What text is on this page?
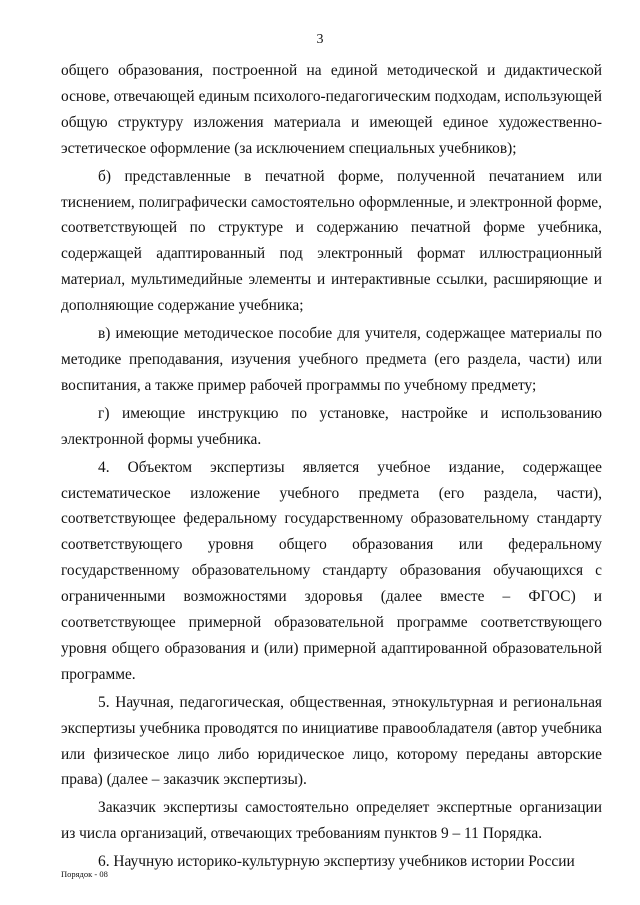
3

общего образования, построенной на единой методической и дидактической основе, отвечающей единым психолого-педагогическим подходам, использующей общую структуру изложения материала и имеющей единое художественно-эстетическое оформление (за исключением специальных учебников);

б) представленные в печатной форме, полученной печатанием или тиснением, полиграфически самостоятельно оформленные, и электронной форме, соответствующей по структуре и содержанию печатной форме учебника, содержащей адаптированный под электронный формат иллюстрационный материал, мультимедийные элементы и интерактивные ссылки, расширяющие и дополняющие содержание учебника;

в) имеющие методическое пособие для учителя, содержащее материалы по методике преподавания, изучения учебного предмета (его раздела, части) или воспитания, а также пример рабочей программы по учебному предмету;

г) имеющие инструкцию по установке, настройке и использованию электронной формы учебника.

4. Объектом экспертизы является учебное издание, содержащее систематическое изложение учебного предмета (его раздела, части), соответствующее федеральному государственному образовательному стандарту соответствующего уровня общего образования или федеральному государственному образовательному стандарту образования обучающихся с ограниченными возможностями здоровья (далее вместе – ФГОС) и соответствующее примерной образовательной программе соответствующего уровня общего образования и (или) примерной адаптированной образовательной программе.

5. Научная, педагогическая, общественная, этнокультурная и региональная экспертизы учебника проводятся по инициативе правообладателя (автор учебника или физическое лицо либо юридическое лицо, которому переданы авторские права) (далее – заказчик экспертизы).

Заказчик экспертизы самостоятельно определяет экспертные организации из числа организаций, отвечающих требованиям пунктов 9 – 11 Порядка.

6. Научную историко-культурную экспертизу учебников истории России

Порядок - 08
